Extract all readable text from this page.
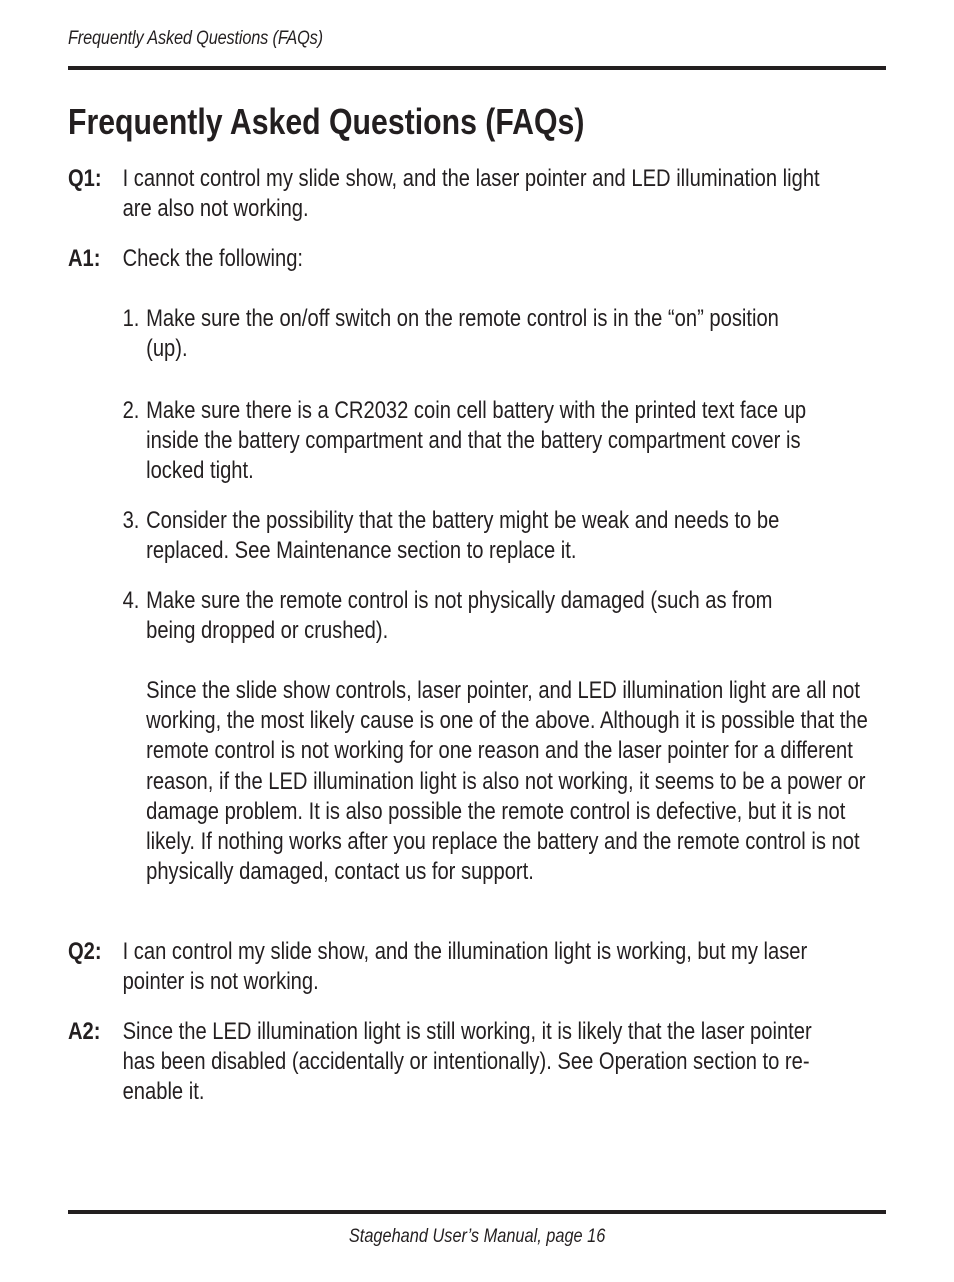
Frequently Asked Questions (FAQs)
Frequently Asked Questions (FAQs)
Q1: I cannot control my slide show, and the laser pointer and LED illumination light are also not working.
A1: Check the following:
1. Make sure the on/off switch on the remote control is in the “on” position (up).
2. Make sure there is a CR2032 coin cell battery with the printed text face up inside the battery compartment and that the battery compartment cover is locked tight.
3. Consider the possibility that the battery might be weak and needs to be replaced. See Maintenance section to replace it.
4. Make sure the remote control is not physically damaged (such as from being dropped or crushed).
Since the slide show controls, laser pointer, and LED illumination light are all not working, the most likely cause is one of the above. Although it is possible that the remote control is not working for one reason and the laser pointer for a different reason, if the LED illumination light is also not working, it seems to be a power or damage problem. It is also possible the remote control is defective, but it is not likely. If nothing works after you replace the battery and the remote control is not physically damaged, contact us for support.
Q2: I can control my slide show, and the illumination light is working, but my laser pointer is not working.
A2: Since the LED illumination light is still working, it is likely that the laser pointer has been disabled (accidentally or intentionally). See Operation section to re-enable it.
Stagehand User’s Manual, page 16
